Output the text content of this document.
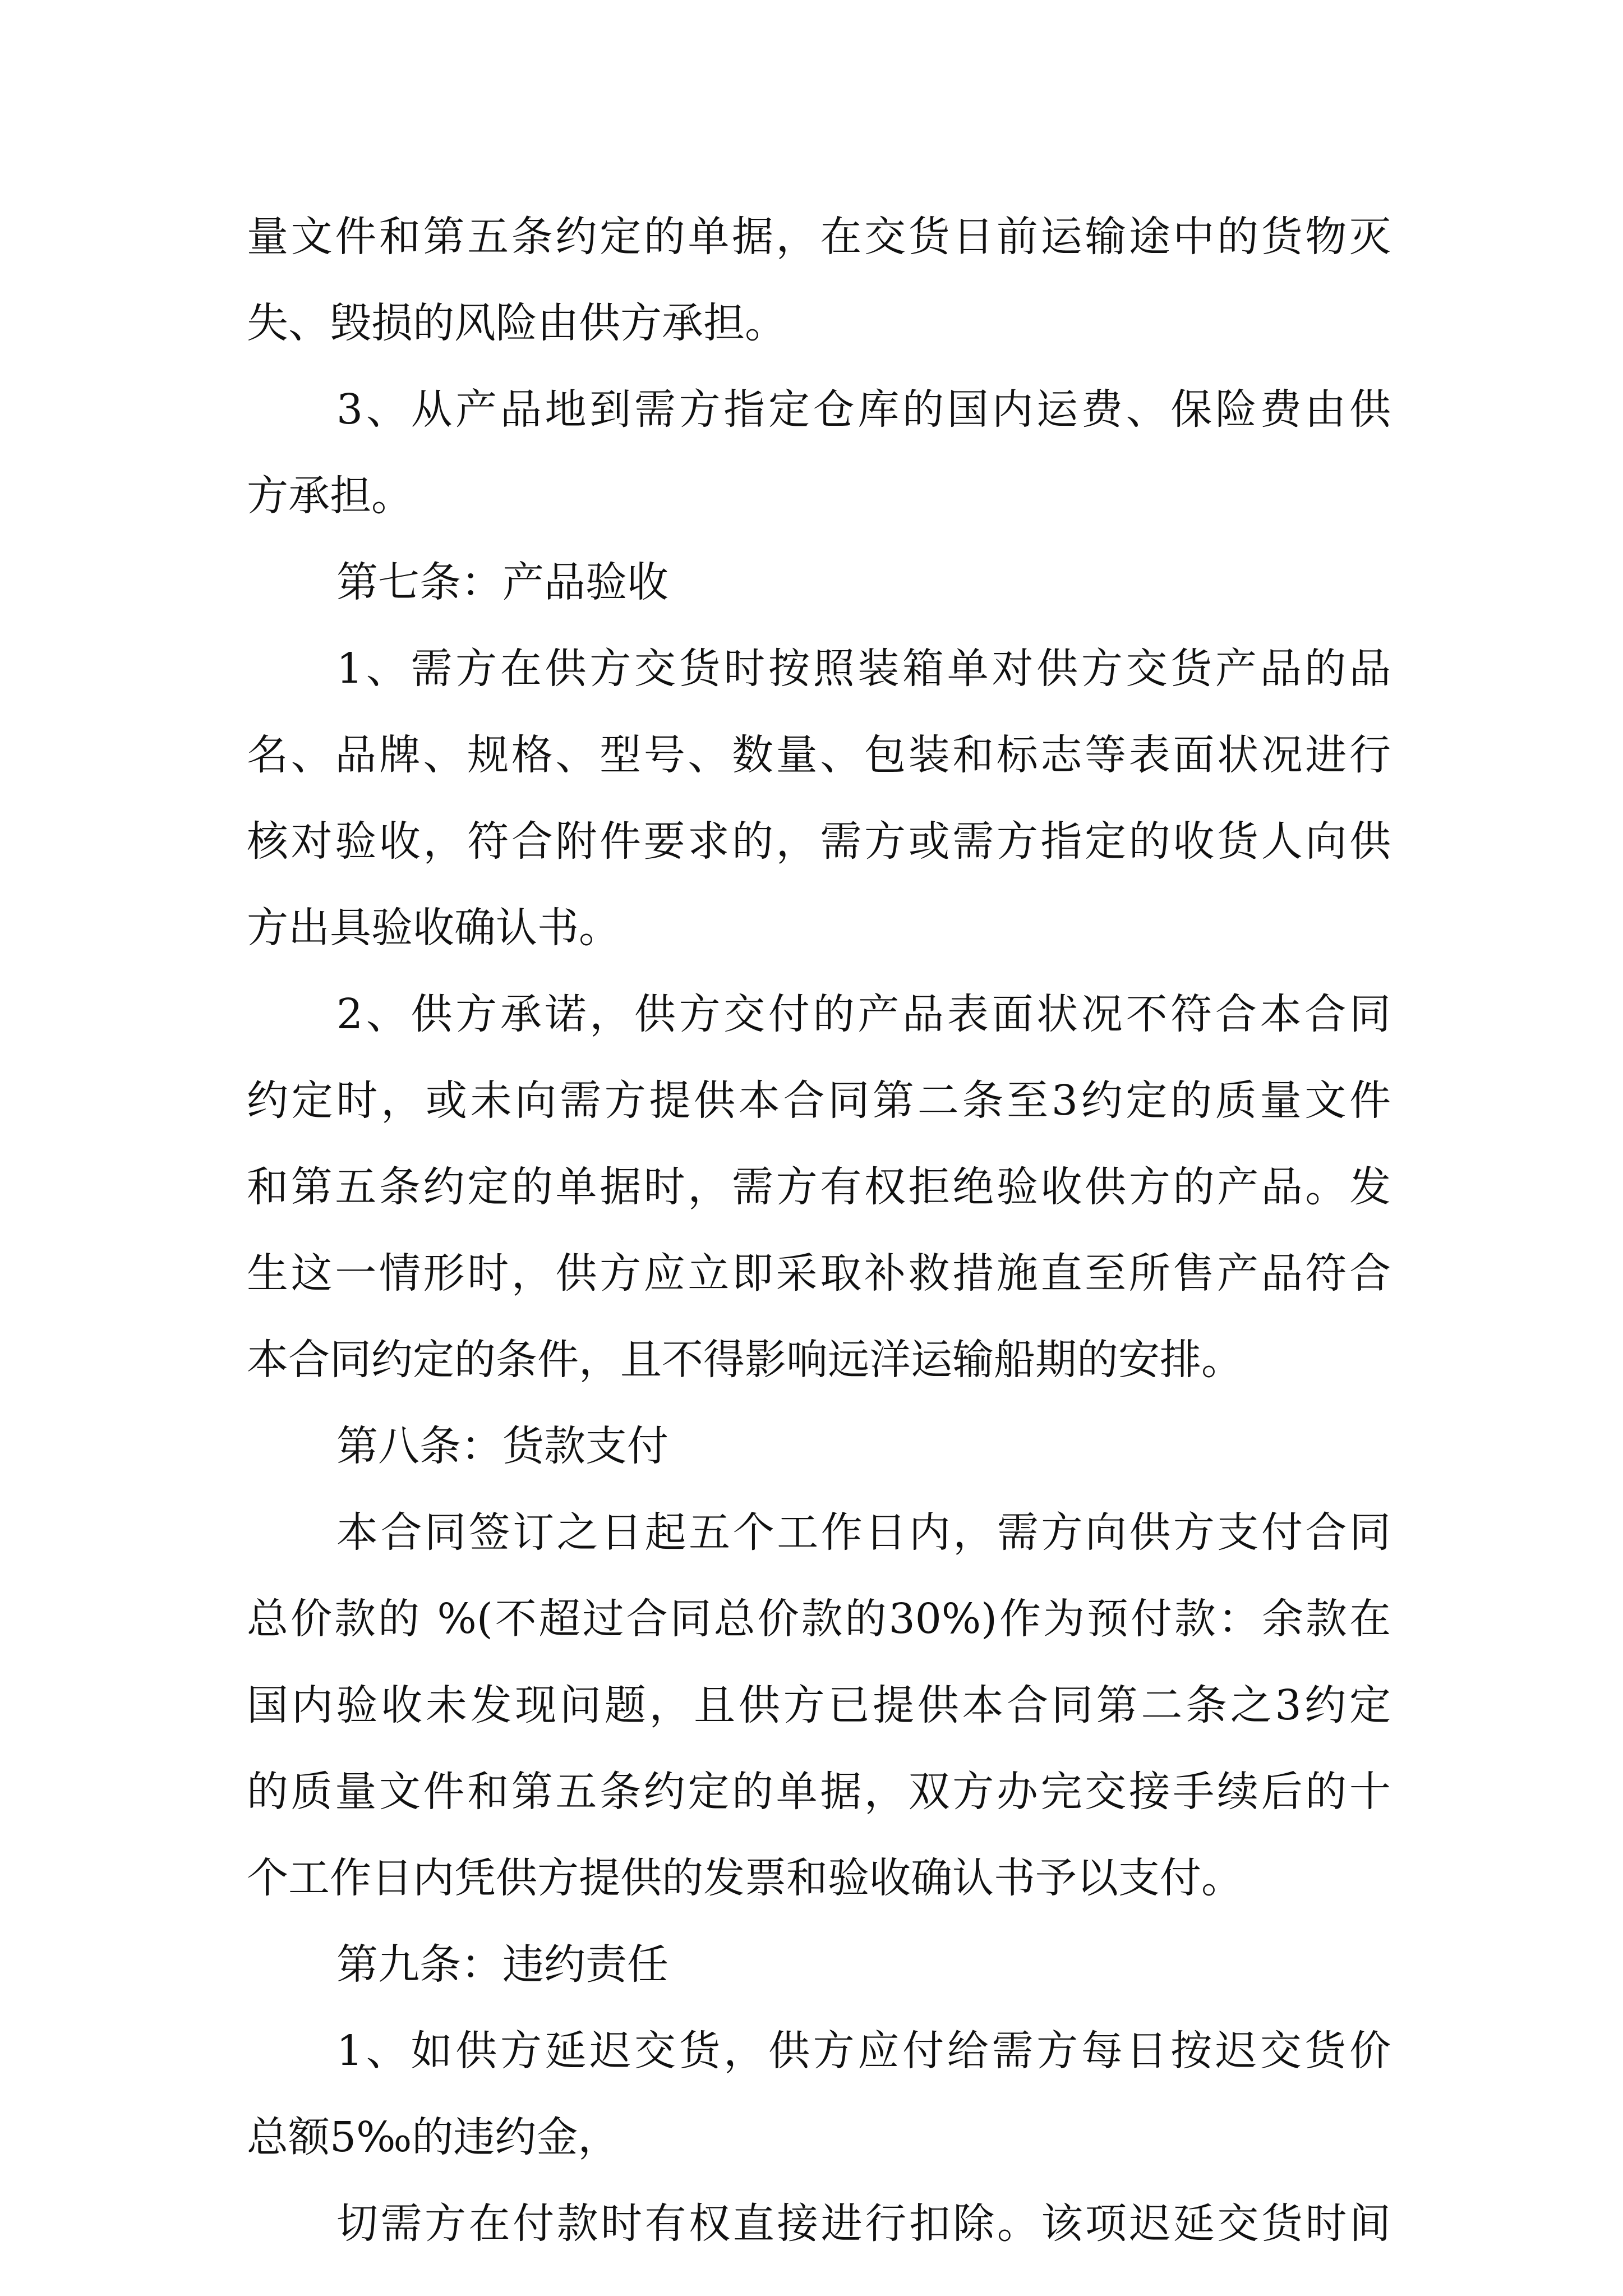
量文件和第五条约定的单据，在交货日前运输途中的货物灭

失、毁损的风险由供方承担。

3、从产品地到需方指定仓库的国内运费、保险费由供

方承担。

第七条：产品验收

1、需方在供方交货时按照装箱单对供方交货产品的品

名、品牌、规格、型号、数量、包装和标志等表面状况进行

核对验收，符合附件要求的，需方或需方指定的收货人向供

方出具验收确认书。

2、供方承诺，供方交付的产品表面状况不符合本合同

约定时，或未向需方提供本合同第二条至3约定的质量文件

和第五条约定的单据时，需方有权拒绝验收供方的产品。发

生这一情形时，供方应立即采取补救措施直至所售产品符合

本合同约定的条件，且不得影响远洋运输船期的安排。

第八条：货款支付

本合同签订之日起五个工作日内，需方向供方支付合同

总价款的 %(不超过合同总价款的30%)作为预付款：余款在

国内验收未发现问题，且供方已提供本合同第二条之3约定

的质量文件和第五条约定的单据，双方办完交接手续后的十

个工作日内凭供方提供的发票和验收确认书予以支付。

第九条：违约责任

1、如供方延迟交货，供方应付给需方每日按迟交货价

总额5‰的违约金，

切需方在付款时有权直接进行扣除。该项迟延交货时间
